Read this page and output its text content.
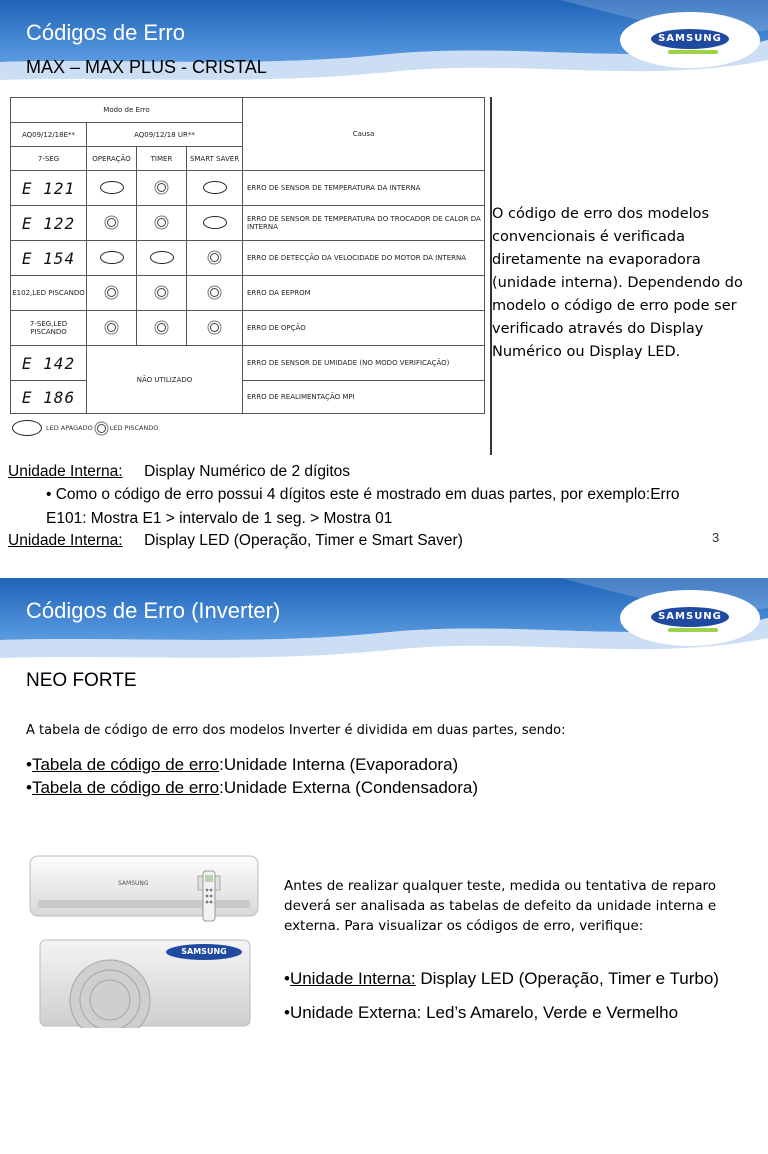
Códigos de Erro	SAMSUNG
MAX – MAX PLUS - CRISTAL
Modo de Erro				Causa
AQ09/12/18E**	AQ09/12/18 UR**			
7-SEG	OPERAÇÃO	TIMER	SMART SAVER	
E 121				ERRO DE SENSOR DE TEMPERATURA DA INTERNA
E 122				ERRO DE SENSOR DE TEMPERATURA DO TROCADOR DE CALOR DA INTERNA
E 154				ERRO DE DETECÇÃO DA VELOCIDADE DO MOTOR DA INTERNA
E102,LED PISCANDO				ERRO DA EEPROM
7-SEG,LED PISCANDO				ERRO DE OPÇÃO
E 142	NÃO UTILIZADO			ERRO DE SENSOR DE UMIDADE (NO MODO VERIFICAÇÃO)
E 186				ERRO DE REALIMENTAÇÃO MPI
LED APAGADO	LED PISCANDO
O código de erro dos modelos convencionais é verificada diretamente na evaporadora (unidade interna). Dependendo do modelo o código de erro pode ser verificado através do Display Numérico ou Display LED.
Unidade Interna: Display Numérico de 2 dígitos
• Como o código de erro possui 4 dígitos este é mostrado em duas partes, por exemplo:Erro
E101: Mostra E1 > intervalo de 1 seg. > Mostra 01
Unidade Interna: Display LED (Operação, Timer e Smart Saver)	3
Códigos de Erro (Inverter)	SAMSUNG
NEO FORTE
A tabela de código de erro dos modelos Inverter é dividida em duas partes, sendo:
•Tabela de código de erro:Unidade Interna (Evaporadora)
•Tabela de código de erro:Unidade Externa (Condensadora)
SAMSUNG
SAMSUNG
Antes de realizar qualquer teste, medida ou tentativa de reparo deverá ser analisada as tabelas de defeito da unidade interna e externa. Para visualizar os códigos de erro, verifique:
•Unidade Interna: Display LED (Operação, Timer e Turbo)
•Unidade Externa: Led’s Amarelo, Verde e Vermelho
